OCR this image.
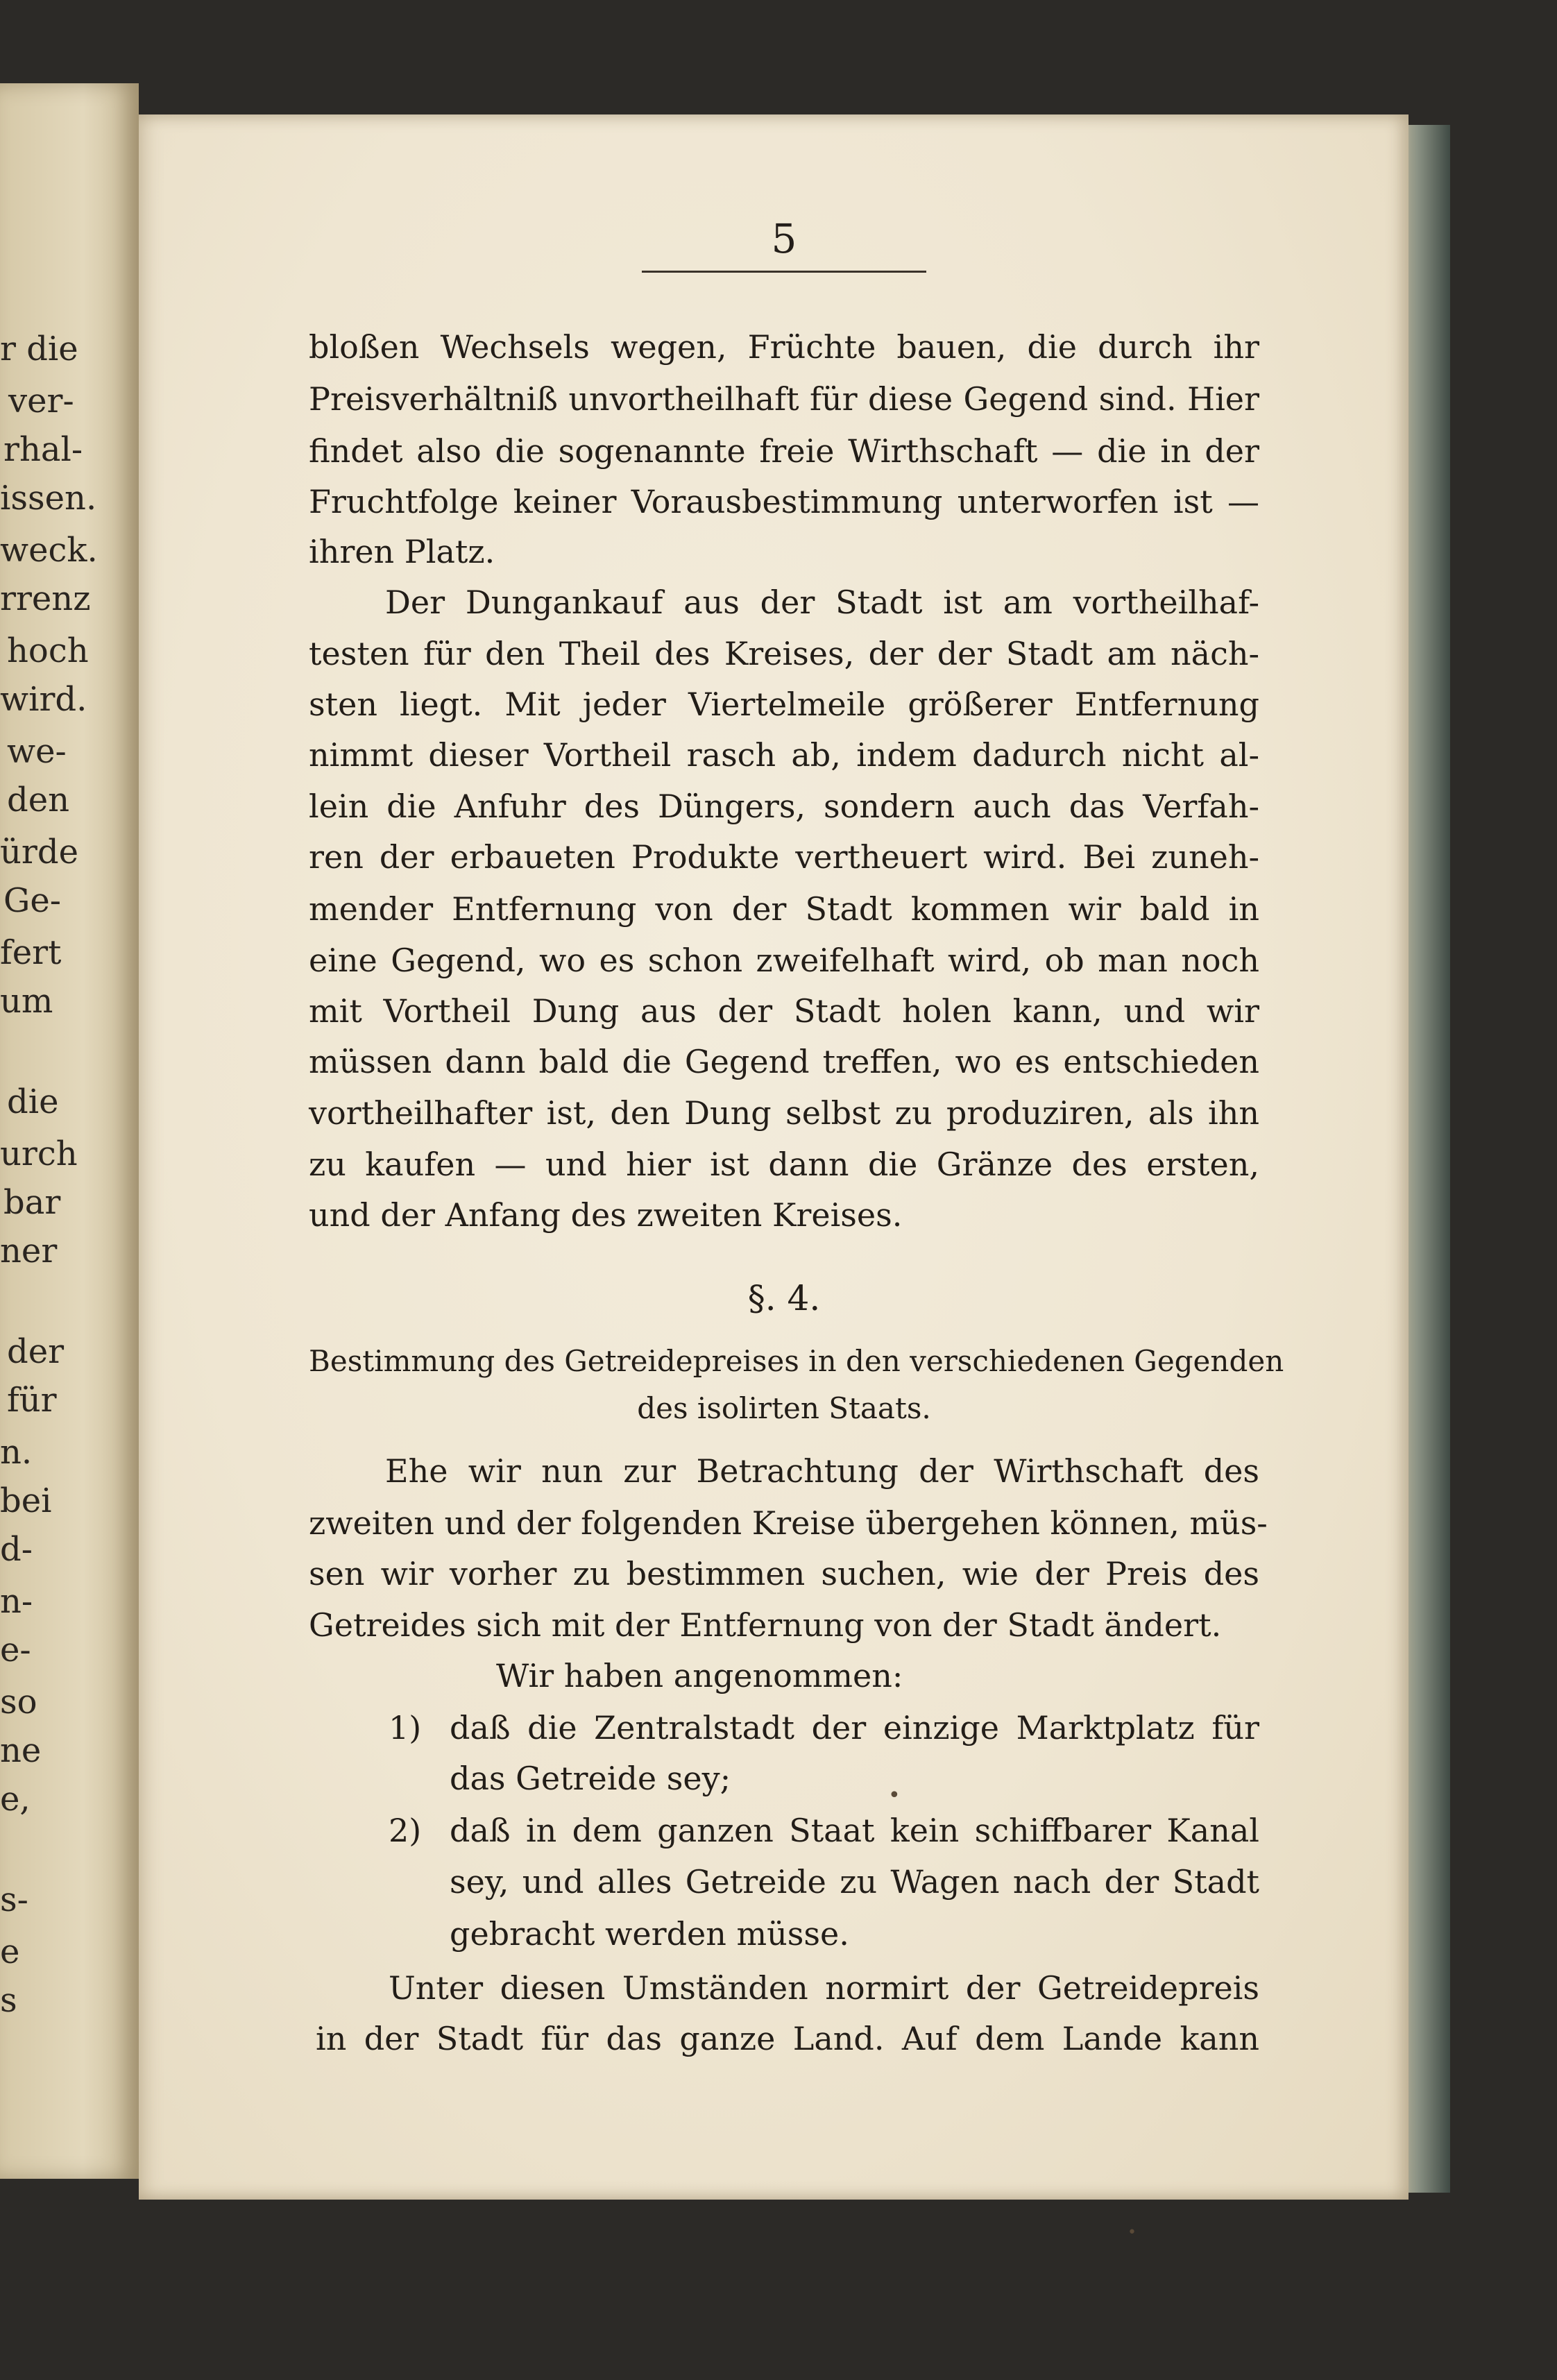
r die
ver-
rhal-
issen.
weck.
rrenz
hoch
wird.
we-
den
ürde
Ge-
fert
um
die
urch
bar
ner
der
für
n.
bei
d-
n-
e-
so
ne
e,
s-
e
s
5
bloßen Wechsels wegen, Früchte bauen, die durch ihr
Preisverhältniß unvortheilhaft für diese Gegend sind. Hier
findet also die sogenannte freie Wirthschaft — die in der
Fruchtfolge keiner Vorausbestimmung unterworfen ist —
ihren Platz.
Der Dungankauf aus der Stadt ist am vortheilhaf-
testen für den Theil des Kreises, der der Stadt am näch-
sten liegt. Mit jeder Viertelmeile größerer Entfernung
nimmt dieser Vortheil rasch ab, indem dadurch nicht al-
lein die Anfuhr des Düngers, sondern auch das Verfah-
ren der erbaueten Produkte vertheuert wird. Bei zuneh-
mender Entfernung von der Stadt kommen wir bald in
eine Gegend, wo es schon zweifelhaft wird, ob man noch
mit Vortheil Dung aus der Stadt holen kann, und wir
müssen dann bald die Gegend treffen, wo es entschieden
vortheilhafter ist, den Dung selbst zu produziren, als ihn
zu kaufen — und hier ist dann die Gränze des ersten,
und der Anfang des zweiten Kreises.
§. 4.
Bestimmung des Getreidepreises in den verschiedenen Gegenden
des isolirten Staats.
Ehe wir nun zur Betrachtung der Wirthschaft des
zweiten und der folgenden Kreise übergehen können, müs-
sen wir vorher zu bestimmen suchen, wie der Preis des
Getreides sich mit der Entfernung von der Stadt ändert.
Wir haben angenommen:
1) daß die Zentralstadt der einzige Marktplatz für
das Getreide sey;
2) daß in dem ganzen Staat kein schiffbarer Kanal
sey, und alles Getreide zu Wagen nach der Stadt
gebracht werden müsse.
Unter diesen Umständen normirt der Getreidepreis
in der Stadt für das ganze Land. Auf dem Lande kann
•
•
